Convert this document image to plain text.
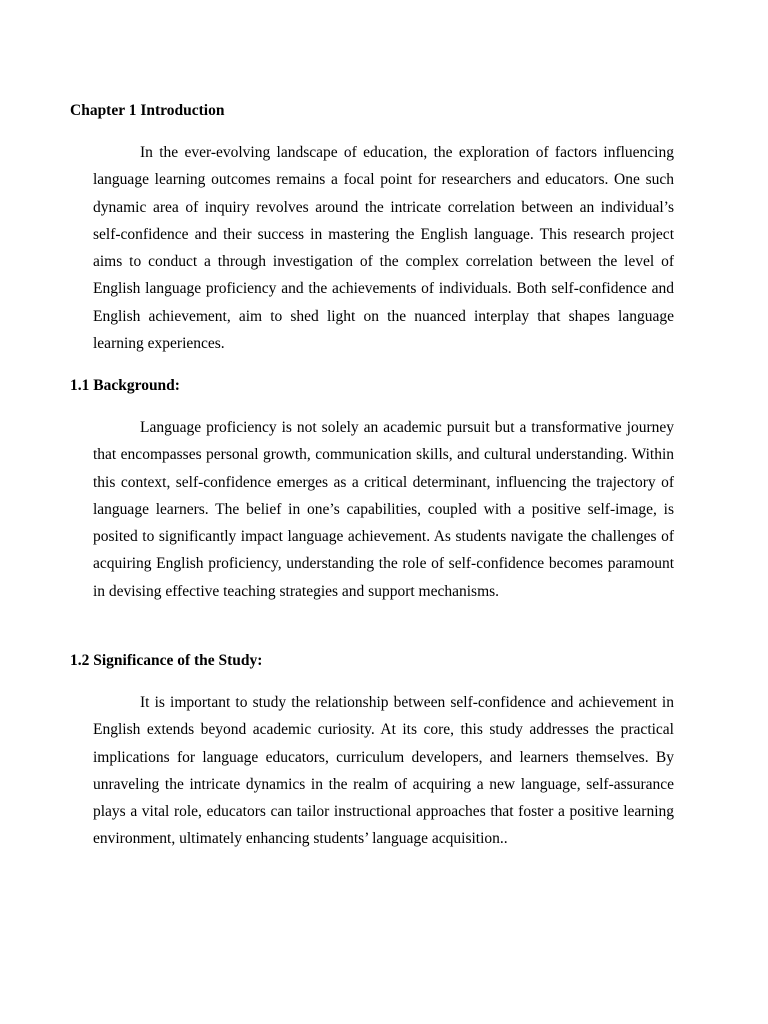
Chapter 1 Introduction

In the ever-evolving landscape of education, the exploration of factors influencing language learning outcomes remains a focal point for researchers and educators. One such dynamic area of inquiry revolves around the intricate correlation between an individual’s self-confidence and their success in mastering the English language. This research project aims to conduct a through investigation of the complex correlation between the level of English language proficiency and the achievements of individuals. Both self-confidence and English achievement, aim to shed light on the nuanced interplay that shapes language learning experiences.

1.1 Background:

Language proficiency is not solely an academic pursuit but a transformative journey that encompasses personal growth, communication skills, and cultural understanding. Within this context, self-confidence emerges as a critical determinant, influencing the trajectory of language learners. The belief in one’s capabilities, coupled with a positive self-image, is posited to significantly impact language achievement. As students navigate the challenges of acquiring English proficiency, understanding the role of self-confidence becomes paramount in devising effective teaching strategies and support mechanisms.

1.2 Significance of the Study:

It is important to study the relationship between self-confidence and achievement in English extends beyond academic curiosity. At its core, this study addresses the practical implications for language educators, curriculum developers, and learners themselves. By unraveling the intricate dynamics in the realm of acquiring a new language, self-assurance plays a vital role, educators can tailor instructional approaches that foster a positive learning environment, ultimately enhancing students’ language acquisition..
